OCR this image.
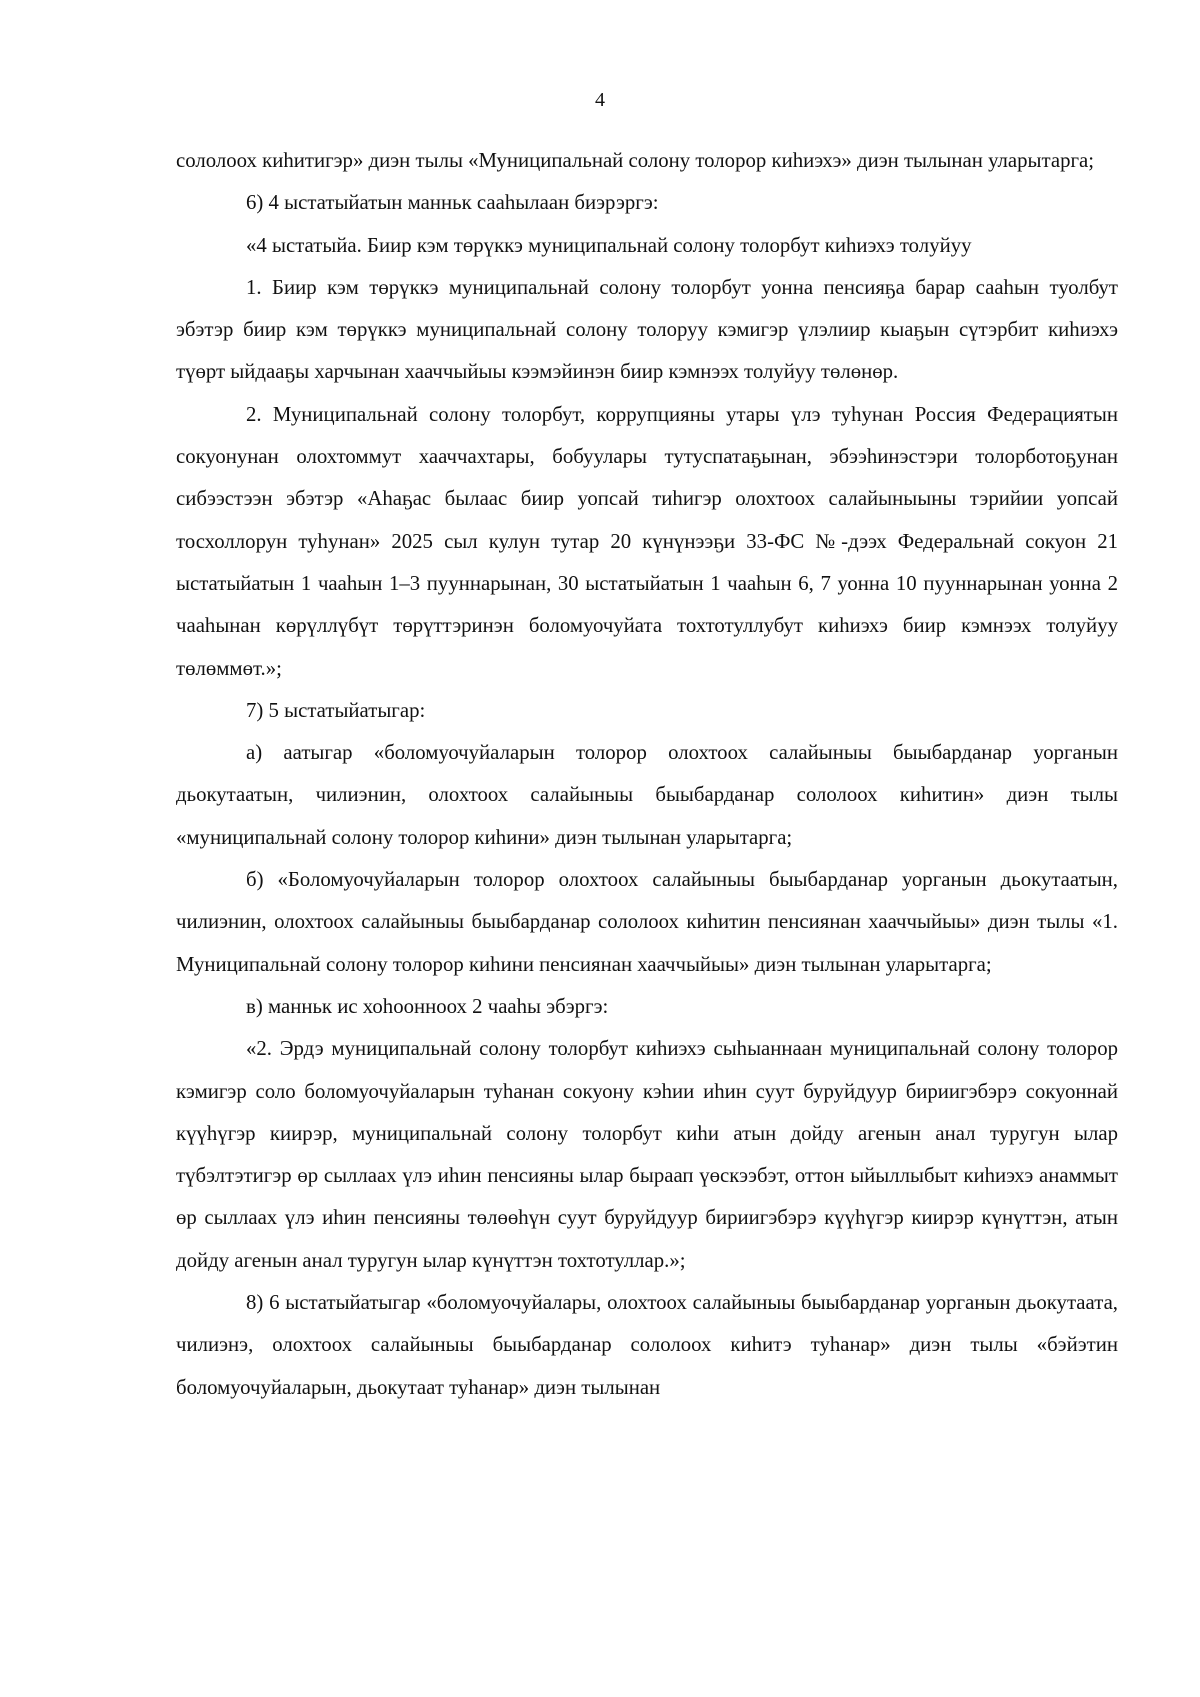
4

сололоох киһитигэр» диэн тылы «Муниципальнай солону толорор киһиэхэ» диэн тылынан уларытарга;

6) 4 ыстатыйатын манньк сааһылаан биэрэргэ:

«4 ыстатыйа. Биир кэм төрүккэ муниципальнай солону толорбут киһиэхэ толуйуу

1. Биир кэм төрүккэ муниципальнай солону толорбут уонна пенсияҕа барар сааһын туолбут эбэтэр биир кэм төрүккэ муниципальнай солону толоруу кэмигэр үлэлиир кыаҕын сүтэрбит киһиэхэ түөрт ыйдааҕы харчынан хааччыйыы кээмэйинэн биир кэмнээх толуйуу төлөнөр.

2. Муниципальнай солону толорбут, коррупцияны утары үлэ туһунан Россия Федерациятын сокуонунан олохтоммут хааччахтары, бобуулары тутуспатаҕынан, эбээһинэстэри толорботоҕунан сибээстээн эбэтэр «Аһаҕас былаас биир уопсай тиһигэр олохтоох салайыныыны тэрийии уопсай тосхоллорун туһунан» 2025 сыл кулун тутар 20 күнүнээҕи 33-ФС №-дээх Федеральнай сокуон 21 ыстатыйатын 1 чааһын 1–3 пууннарынан, 30 ыстатыйатын 1 чааһын 6, 7 уонна 10 пууннарынан уонна 2 чааһынан көрүллүбүт төрүттэринэн боломуочуйата тохтотуллубут киһиэхэ биир кэмнээх толуйуу төлөммөт.»;

7) 5 ыстатыйатыгар:

а) аатыгар «боломуочуйаларын толорор олохтоох салайыныы быыбарданар уорганын дьокутаатын, чилиэнин, олохтоох салайыныы быыбарданар сололоох киһитин» диэн тылы «муниципальнай солону толорор киһини» диэн тылынан уларытарга;

б) «Боломуочуйаларын толорор олохтоох салайыныы быыбарданар уорганын дьокутаатын, чилиэнин, олохтоох салайыныы быыбарданар сололоох киһитин пенсиянан хааччыйыы» диэн тылы «1. Муниципальнай солону толорор киһини пенсиянан хааччыйыы» диэн тылынан уларытарга;

в) манньк ис хоһоонноох 2 чааһы эбэргэ:

«2. Эрдэ муниципальнай солону толорбут киһиэхэ сыһыаннаан муниципальнай солону толорор кэмигэр соло боломуочуйаларын туһанан сокуону кэһии иһин суут буруйдуур бириигэбэрэ сокуоннай күүһүгэр киирэр, муниципальнай солону толорбут киһи атын дойду агенын анал туругун ылар түбэлтэтигэр өр сыллаах үлэ иһин пенсияны ылар быраап үөскээбэт, оттон ыйыллыбыт киһиэхэ анаммыт өр сыллаах үлэ иһин пенсияны төлөөһүн суут буруйдуур бириигэбэрэ күүһүгэр киирэр күнүттэн, атын дойду агенын анал туругун ылар күнүттэн тохтотуллар.»;

8) 6 ыстатыйатыгар «боломуочуйалары, олохтоох салайыныы быыбарданар уорганын дьокутаата, чилиэнэ, олохтоох салайыныы быыбарданар сололоох киһитэ туһанар» диэн тылы «бэйэтин боломуочуйаларын, дьокутаат туһанар» диэн тылынан
